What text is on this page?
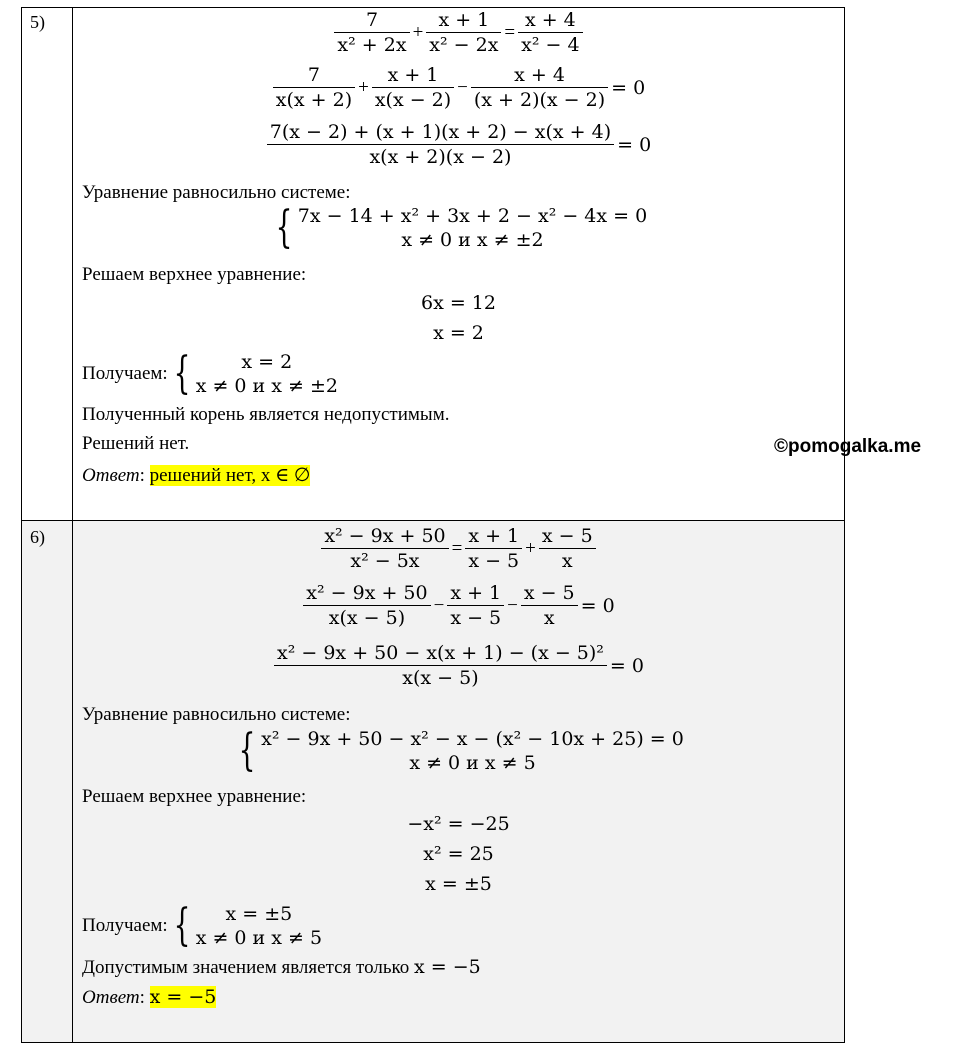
5)	$\frac{7}{\text{x² + 2x}} + \frac{x + 1}{\text{x² − 2x}} = \frac{x + 4}{\text{x² − 4}}$
$\frac{7}{x(x + 2)} + \frac{x + 1}{x(x - 2)} - \frac{x + 4}{(x + 2)(x - 2)} = 0$
$\frac{7(x - 2) + (x + 1)(x + 2) - x(x + 4)}{x(x + 2)(x - 2)} = 0$
Уравнение равносильно системе:
{ 7x − 14 + x² + 3x + 2 − x² − 4x = 0
x ≠ 0 и x ≠ ±2
Решаем верхнее уравнение:
6x = 12
x = 2
Получаем: {	x = 2
x ≠ 0 и x ≠ ±2
Полученный корень является недопустимым.
Решений нет.
Ответ: решений нет, x ∈ ∅
©pomogalka.me
6)	$\frac{\text{x² − 9x + 50}}{\text{x² − 5x}} = \frac{x + 1}{x - 5} + \frac{x - 5}{x}$
$\frac{\text{x² − 9x + 50}}{x(x - 5)} - \frac{x + 1}{x - 5} - \frac{x - 5}{x} = 0$
$\frac{\text{x² − 9x + 50 − x(x + 1) − (x − 5)²}}{x(x - 5)} = 0$
Уравнение равносильно системе:
{ x² − 9x + 50 − x² − x − (x² − 10x + 25) = 0
x ≠ 0 и x ≠ 5
Решаем верхнее уравнение:
−x² = −25
x² = 25
x = ±5
Получаем: {	x = ±5
x ≠ 0 и x ≠ 5
Допустимым значением является только x = −5
Ответ: x = −5
